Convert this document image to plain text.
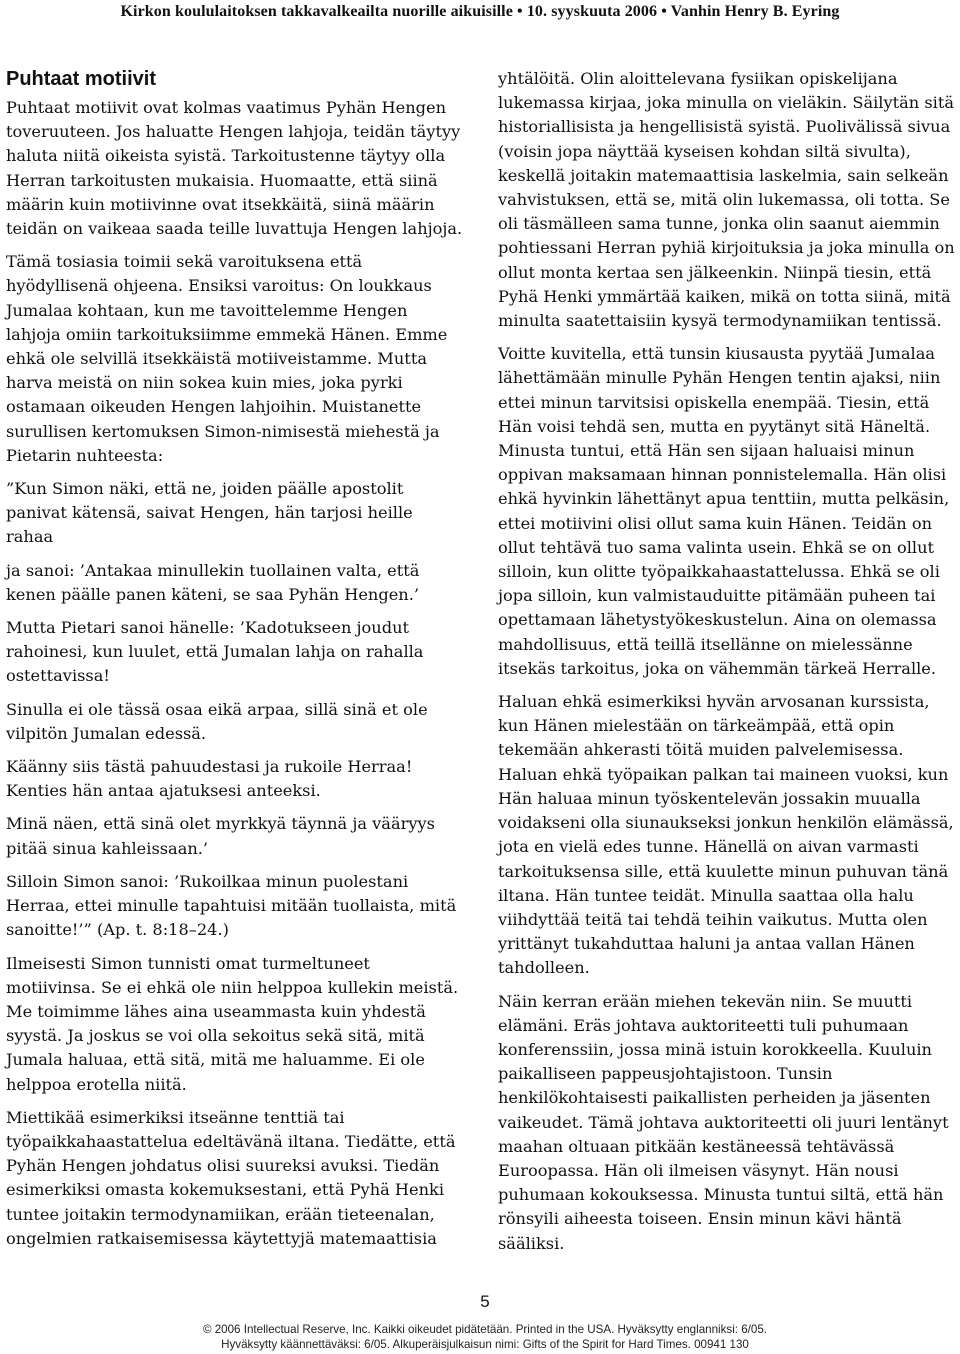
Kirkon koululaitoksen takkavalkeailta nuorille aikuisille • 10. syyskuuta 2006 • Vanhin Henry B. Eyring
Puhtaat motiivit

Puhtaat motiivit ovat kolmas vaatimus Pyhän Hengen toveruuteen. Jos haluatte Hengen lahjoja, teidän täytyy haluta niitä oikeista syistä. Tarkoitustenne täytyy olla Herran tarkoitusten mukaisia. Huomaatte, että siinä määrin kuin motiivinne ovat itsekkäitä, siinä määrin teidän on vaikeaa saada teille luvattuja Hengen lahjoja.

Tämä tosiasia toimii sekä varoituksena että hyödyllisenä ohjeena. Ensiksi varoitus: On loukkaus Jumalaa kohtaan, kun me tavoittelemme Hengen lahjoja omiin tarkoituksiimme emmekä Hänen. Emme ehkä ole selvillä itsekkäistä motiiveistamme. Mutta harva meistä on niin sokea kuin mies, joka pyrki ostamaan oikeuden Hengen lahjoihin. Muistanette surullisen kertomuksen Simon-nimisestä miehestä ja Pietarin nuhteesta:

”Kun Simon näki, että ne, joiden päälle apostolit panivat kätensä, saivat Hengen, hän tarjosi heille rahaa

ja sanoi: ’Antakaa minullekin tuollainen valta, että kenen päälle panen käteni, se saa Pyhän Hengen.’

Mutta Pietari sanoi hänelle: ’Kadotukseen joudut rahoinesi, kun luulet, että Jumalan lahja on rahalla ostettavissa!

Sinulla ei ole tässä osaa eikä arpaa, sillä sinä et ole vilpitön Jumalan edessä.

Käänny siis tästä pahuudestasi ja rukoile Herraa! Kenties hän antaa ajatuksesi anteeksi.

Minä näen, että sinä olet myrkkyä täynnä ja vääryys pitää sinua kahleissaan.’

Silloin Simon sanoi: ’Rukoilkaa minun puolestani Herraa, ettei minulle tapahtuisi mitään tuollaista, mitä sanoitte!’” (Ap. t. 8:18–24.)

Ilmeisesti Simon tunnisti omat turmeltuneet motiivinsa. Se ei ehkä ole niin helppoa kullekin meistä. Me toimimme lähes aina useammasta kuin yhdestä syystä. Ja joskus se voi olla sekoitus sekä sitä, mitä Jumala haluaa, että sitä, mitä me haluamme. Ei ole helppoa erotella niitä.

Miettikää esimerkiksi itseänne tenttiä tai työpaikkahaastattelua edeltävänä iltana. Tiedätte, että Pyhän Hengen johdatus olisi suureksi avuksi. Tiedän esimerkiksi omasta kokemuksestani, että Pyhä Henki tuntee joitakin termodynamiikan, erään tieteenalan, ongelmien ratkaisemisessa käytettyjä matemaattisia

yhtälöitä. Olin aloittelevana fysiikan opiskelijana lukemassa kirjaa, joka minulla on vieläkin. Säilytän sitä historiallisista ja hengellisistä syistä. Puolivälissä sivua (voisin jopa näyttää kyseisen kohdan siltä sivulta), keskellä joitakin matemaattisia laskelmia, sain selkeän vahvistuksen, että se, mitä olin lukemassa, oli totta. Se oli täsmälleen sama tunne, jonka olin saanut aiemmin pohtiessani Herran pyhiä kirjoituksia ja joka minulla on ollut monta kertaa sen jälkeenkin. Niinpä tiesin, että Pyhä Henki ymmärtää kaiken, mikä on totta siinä, mitä minulta saatettaisiin kysyä termodynamiikan tentissä.

Voitte kuvitella, että tunsin kiusausta pyytää Jumalaa lähettämään minulle Pyhän Hengen tentin ajaksi, niin ettei minun tarvitsisi opiskella enempää. Tiesin, että Hän voisi tehdä sen, mutta en pyytänyt sitä Häneltä. Minusta tuntui, että Hän sen sijaan haluaisi minun oppivan maksamaan hinnan ponnistelemalla. Hän olisi ehkä hyvinkin lähettänyt apua tenttiin, mutta pelkäsin, ettei motiivini olisi ollut sama kuin Hänen. Teidän on ollut tehtävä tuo sama valinta usein. Ehkä se on ollut silloin, kun olitte työpaikkahaastattelussa. Ehkä se oli jopa silloin, kun valmistauduitte pitämään puheen tai opettamaan lähetystyökeskustelun. Aina on olemassa mahdollisuus, että teillä itsellänne on mielessänne itsekäs tarkoitus, joka on vähemmän tärkeä Herralle.

Haluan ehkä esimerkiksi hyvän arvosanan kurssista, kun Hänen mielestään on tärkeämpää, että opin tekemään ahkerasti töitä muiden palvelemisessa. Haluan ehkä työpaikan palkan tai maineen vuoksi, kun Hän haluaa minun työskentelevän jossakin muualla voidakseni olla siunaukseksi jonkun henkilön elämässä, jota en vielä edes tunne. Hänellä on aivan varmasti tarkoituksensa sille, että kuulette minun puhuvan tänä iltana. Hän tuntee teidät. Minulla saattaa olla halu viihdyttää teitä tai tehdä teihin vaikutus. Mutta olen yrittänyt tukahduttaa haluni ja antaa vallan Hänen tahdolleen.

Näin kerran erään miehen tekevän niin. Se muutti elämäni. Eräs johtava auktoriteetti tuli puhumaan konferenssiin, jossa minä istuin korokkeella. Kuuluin paikalliseen pappeusjohtajistoon. Tunsin henkilökohtaisesti paikallisten perheiden ja jäsenten vaikeudet. Tämä johtava auktoriteetti oli juuri lentänyt maahan oltuaan pitkään kestäneessä tehtävässä Euroopassa. Hän oli ilmeisen väsynyt. Hän nousi puhumaan kokouksessa. Minusta tuntui siltä, että hän rönsyili aiheesta toiseen. Ensin minun kävi häntä sääliksi.

5
© 2006 Intellectual Reserve, Inc. Kaikki oikeudet pidätetään. Printed in the USA. Hyväksytty englanniksi: 6/05.
Hyväksytty käännettäväksi: 6/05. Alkuperäisjulkaisun nimi: Gifts of the Spirit for Hard Times. 00941 130
